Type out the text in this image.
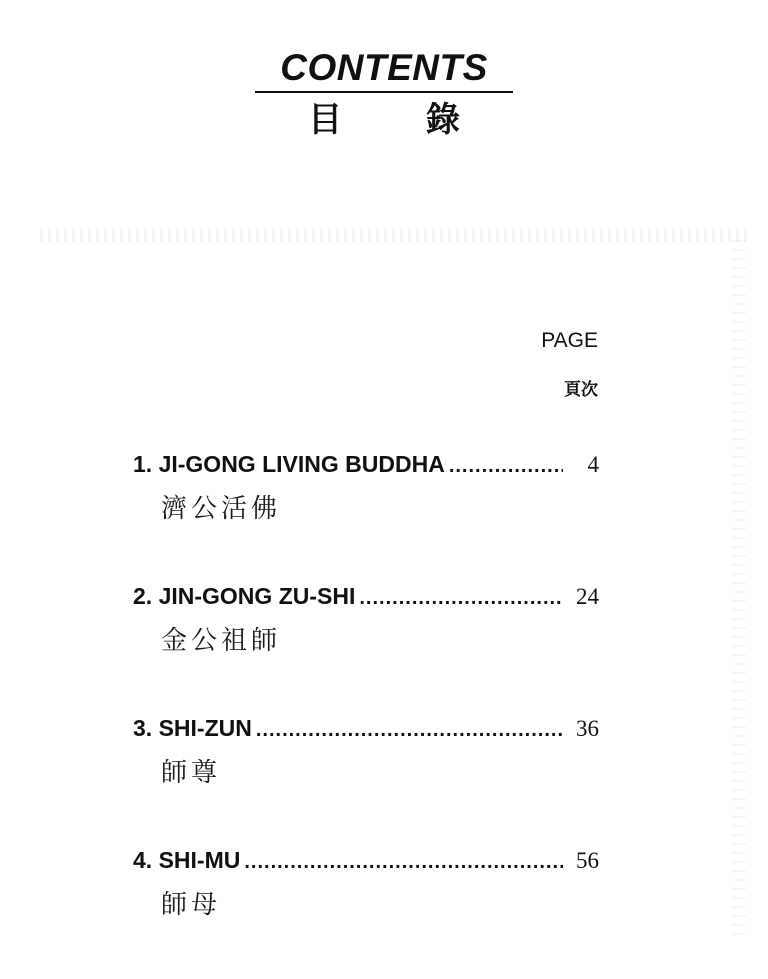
CONTENTS
目 錄
PAGE
頁次
1. JI-GONG LIVING BUDDHA .....	4
濟公活佛
2. JIN-GONG ZU-SHI .....	24
金公祖師
3. SHI-ZUN .....	36
師尊
4. SHI-MU .....	56
師母
